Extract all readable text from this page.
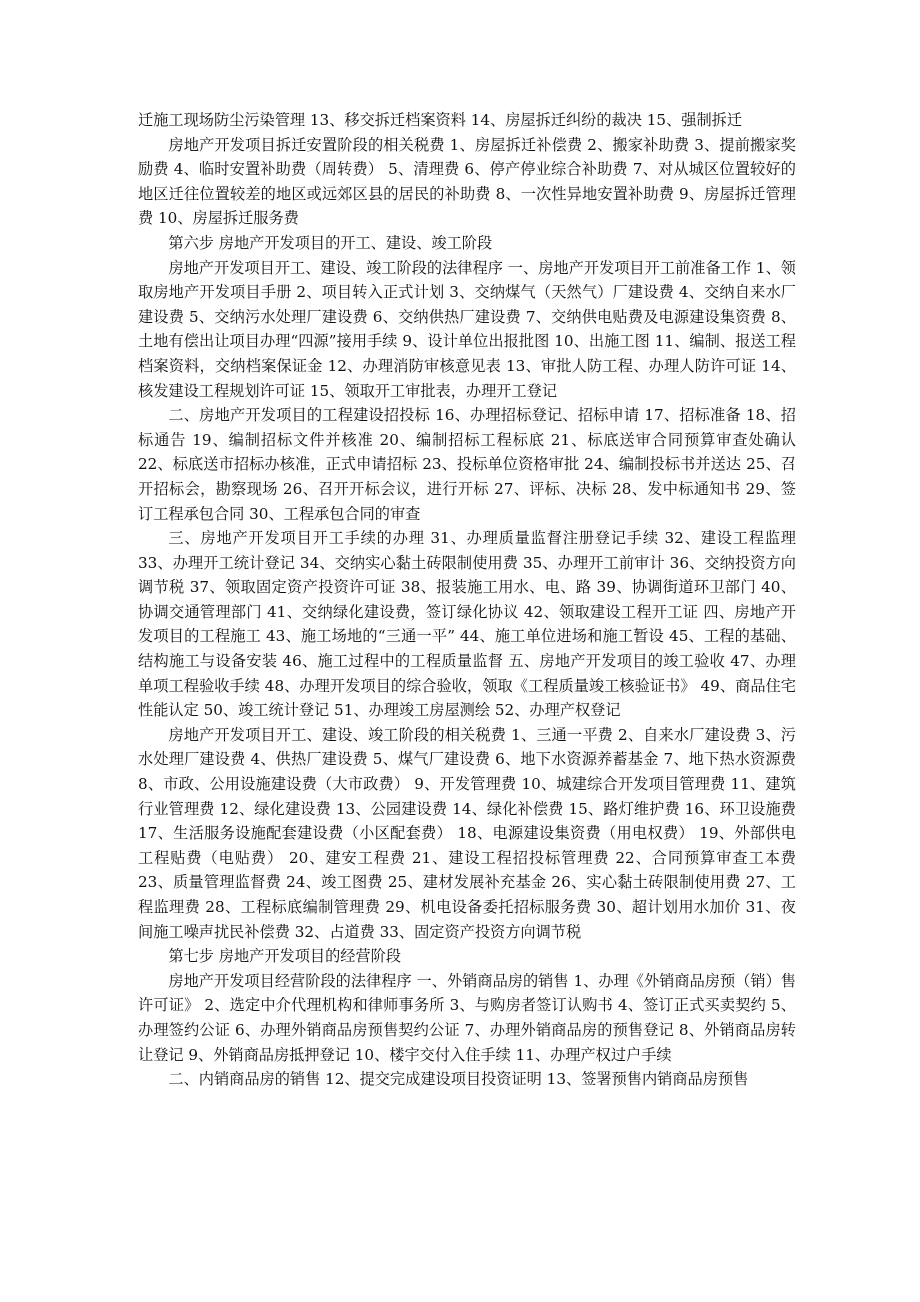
迁施工现场防尘污染管理 13、移交拆迁档案资料 14、房屋拆迁纠纷的裁决 15、强制拆迁

房地产开发项目拆迁安置阶段的相关税费 1、房屋拆迁补偿费 2、搬家补助费 3、提前搬家奖励费 4、临时安置补助费（周转费） 5、清理费 6、停产停业综合补助费 7、对从城区位置较好的地区迁往位置较差的地区或远郊区县的居民的补助费 8、一次性异地安置补助费 9、房屋拆迁管理费 10、房屋拆迁服务费

第六步 房地产开发项目的开工、建设、竣工阶段

房地产开发项目开工、建设、竣工阶段的法律程序 一、房地产开发项目开工前准备工作 1、领取房地产开发项目手册 2、项目转入正式计划 3、交纳煤气（天然气）厂建设费 4、交纳自来水厂建设费 5、交纳污水处理厂建设费 6、交纳供热厂建设费 7、交纳供电贴费及电源建设集资费 8、土地有偿出让项目办理“四源”接用手续 9、设计单位出报批图 10、出施工图 11、编制、报送工程档案资料，交纳档案保证金 12、办理消防审核意见表 13、审批人防工程、办理人防许可证 14、核发建设工程规划许可证 15、领取开工审批表，办理开工登记

二、房地产开发项目的工程建设招投标 16、办理招标登记、招标申请 17、招标准备 18、招标通告 19、编制招标文件并核准 20、编制招标工程标底 21、标底送审合同预算审查处确认 22、标底送市招标办核准，正式申请招标 23、投标单位资格审批 24、编制投标书并送达 25、召开招标会，勘察现场 26、召开开标会议，进行开标 27、评标、决标 28、发中标通知书 29、签订工程承包合同 30、工程承包合同的审查

三、房地产开发项目开工手续的办理 31、办理质量监督注册登记手续 32、建设工程监理 33、办理开工统计登记 34、交纳实心黏土砖限制使用费 35、办理开工前审计 36、交纳投资方向调节税 37、领取固定资产投资许可证 38、报装施工用水、电、路 39、协调街道环卫部门 40、协调交通管理部门 41、交纳绿化建设费，签订绿化协议 42、领取建设工程开工证 四、房地产开发项目的工程施工 43、施工场地的“三通一平” 44、施工单位进场和施工暂设 45、工程的基础、结构施工与设备安装 46、施工过程中的工程质量监督 五、房地产开发项目的竣工验收 47、办理单项工程验收手续 48、办理开发项目的综合验收，领取《工程质量竣工核验证书》 49、商品住宅性能认定 50、竣工统计登记 51、办理竣工房屋测绘 52、办理产权登记

房地产开发项目开工、建设、竣工阶段的相关税费 1、三通一平费 2、自来水厂建设费 3、污水处理厂建设费 4、供热厂建设费 5、煤气厂建设费 6、地下水资源养蓄基金 7、地下热水资源费 8、市政、公用设施建设费（大市政费） 9、开发管理费 10、城建综合开发项目管理费 11、建筑行业管理费 12、绿化建设费 13、公园建设费 14、绿化补偿费 15、路灯维护费 16、环卫设施费 17、生活服务设施配套建设费（小区配套费） 18、电源建设集资费（用电权费） 19、外部供电工程贴费（电贴费） 20、建安工程费 21、建设工程招投标管理费 22、合同预算审查工本费 23、质量管理监督费 24、竣工图费 25、建材发展补充基金 26、实心黏土砖限制使用费 27、工程监理费 28、工程标底编制管理费 29、机电设备委托招标服务费 30、超计划用水加价 31、夜间施工噪声扰民补偿费 32、占道费 33、固定资产投资方向调节税

第七步 房地产开发项目的经营阶段

房地产开发项目经营阶段的法律程序 一、外销商品房的销售 1、办理《外销商品房预（销）售许可证》 2、选定中介代理机构和律师事务所 3、与购房者签订认购书 4、签订正式买卖契约 5、办理签约公证 6、办理外销商品房预售契约公证 7、办理外销商品房的预售登记 8、外销商品房转让登记 9、外销商品房抵押登记 10、楼宇交付入住手续 11、办理产权过户手续

二、内销商品房的销售 12、提交完成建设项目投资证明 13、签署预售内销商品房预售
